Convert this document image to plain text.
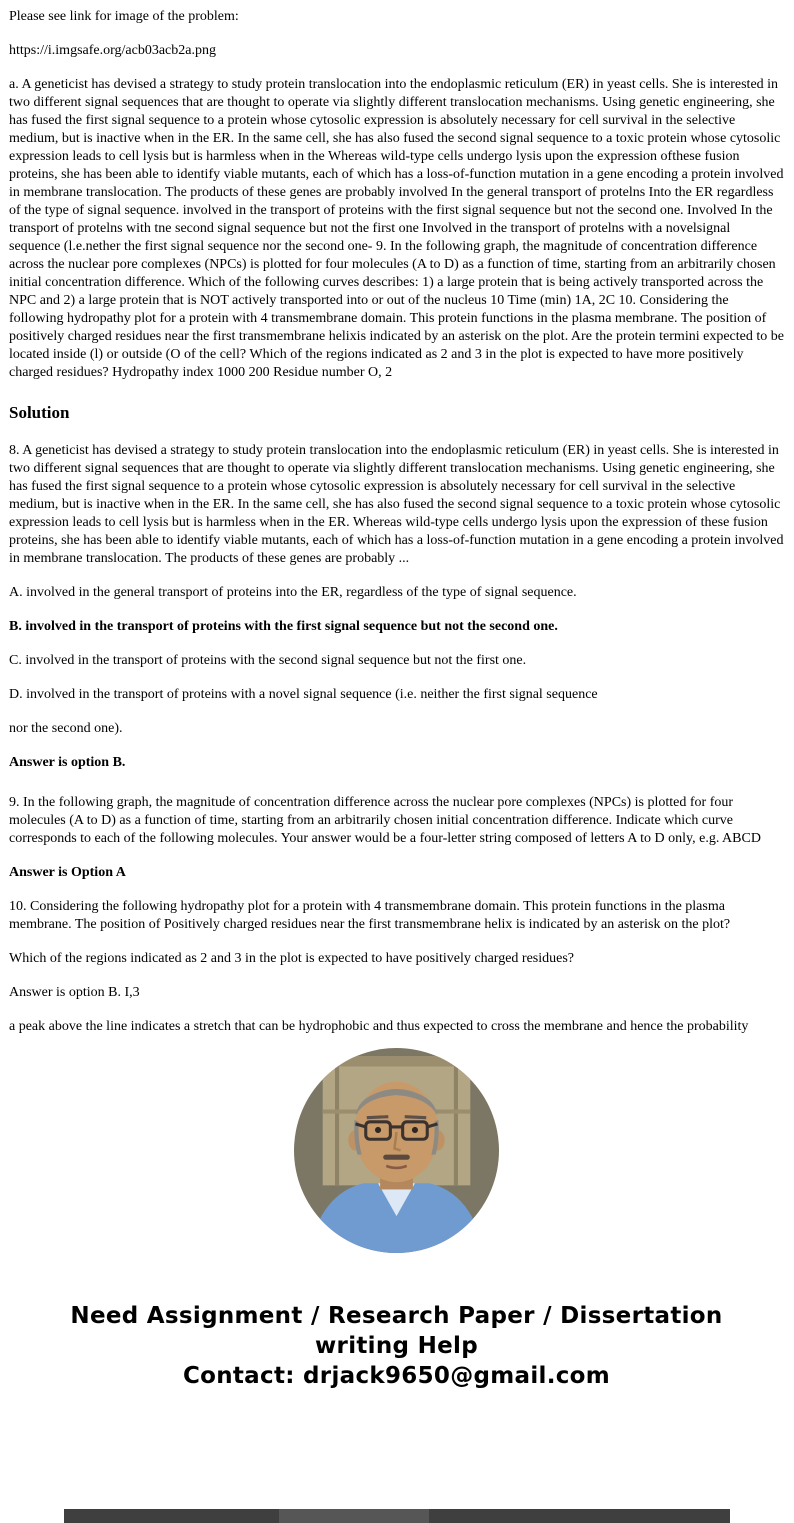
Please see link for image of the problem:

https://i.imgsafe.org/acb03acb2a.png

a. A geneticist has devised a strategy to study protein translocation into the endoplasmic reticulum (ER) in yeast cells. She is interested in two different signal sequences that are thought to operate via slightly different translocation mechanisms. Using genetic engineering, she has fused the first signal sequence to a protein whose cytosolic expression is absolutely necessary for cell survival in the selective medium, but is inactive when in the ER. In the same cell, she has also fused the second signal sequence to a toxic protein whose cytosolic expression leads to cell lysis but is harmless when in the Whereas wild-type cells undergo lysis upon the expression ofthese fusion proteins, she has been able to identify viable mutants, each of which has a loss-of-function mutation in a gene encoding a protein involved in membrane translocation. The products of these genes are probably involved In the general transport of protelns Into the ER regardless of the type of signal sequence. involved in the transport of proteins with the first signal sequence but not the second one. Involved In the transport of protelns with tne second signal sequence but not the first one Involved in the transport of protelns with a novelsignal sequence (l.e.nether the first signal sequence nor the second one- 9. In the following graph, the magnitude of concentration difference across the nuclear pore complexes (NPCs) is plotted for four molecules (A to D) as a function of time, starting from an arbitrarily chosen initial concentration difference. Which of the following curves describes: 1) a large protein that is being actively transported across the NPC and 2) a large protein that is NOT actively transported into or out of the nucleus 10 Time (min) 1A, 2C 10. Considering the following hydropathy plot for a protein with 4 transmembrane domain. This protein functions in the plasma membrane. The position of positively charged residues near the first transmembrane helixis indicated by an asterisk on the plot. Are the protein termini expected to be located inside (l) or outside (O of the cell? Which of the regions indicated as 2 and 3 in the plot is expected to have more positively charged residues? Hydropathy index 1000 200 Residue number O, 2

Solution

8. A geneticist has devised a strategy to study protein translocation into the endoplasmic reticulum (ER) in yeast cells. She is interested in two different signal sequences that are thought to operate via slightly different translocation mechanisms. Using genetic engineering, she has fused the first signal sequence to a protein whose cytosolic expression is absolutely necessary for cell survival in the selective medium, but is inactive when in the ER. In the same cell, she has also fused the second signal sequence to a toxic protein whose cytosolic expression leads to cell lysis but is harmless when in the ER. Whereas wild-type cells undergo lysis upon the expression of these fusion proteins, she has been able to identify viable mutants, each of which has a loss-of-function mutation in a gene encoding a protein involved in membrane translocation. The products of these genes are probably ...

A. involved in the general transport of proteins into the ER, regardless of the type of signal sequence.

B. involved in the transport of proteins with the first signal sequence but not the second one.

C. involved in the transport of proteins with the second signal sequence but not the first one.

D. involved in the transport of proteins with a novel signal sequence (i.e. neither the first signal sequence

nor the second one).

Answer is option B.

9. In the following graph, the magnitude of concentration difference across the nuclear pore complexes (NPCs) is plotted for four molecules (A to D) as a function of time, starting from an arbitrarily chosen initial concentration difference. Indicate which curve corresponds to each of the following molecules. Your answer would be a four-letter string composed of letters A to D only, e.g. ABCD

Answer is Option A

10. Considering the following hydropathy plot for a protein with 4 transmembrane domain. This protein functions in the plasma membrane. The position of Positively charged residues near the first transmembrane helix is indicated by an asterisk on the plot?

Which of the regions indicated as 2 and 3 in the plot is expected to have positively charged residues?

Answer is option B. I,3

a peak above the line indicates a stretch that can be hydrophobic and thus expected to cross the membrane and hence the probability

Need Assignment / Research Paper / Dissertation
writing Help
Contact: drjack9650@gmail.com
